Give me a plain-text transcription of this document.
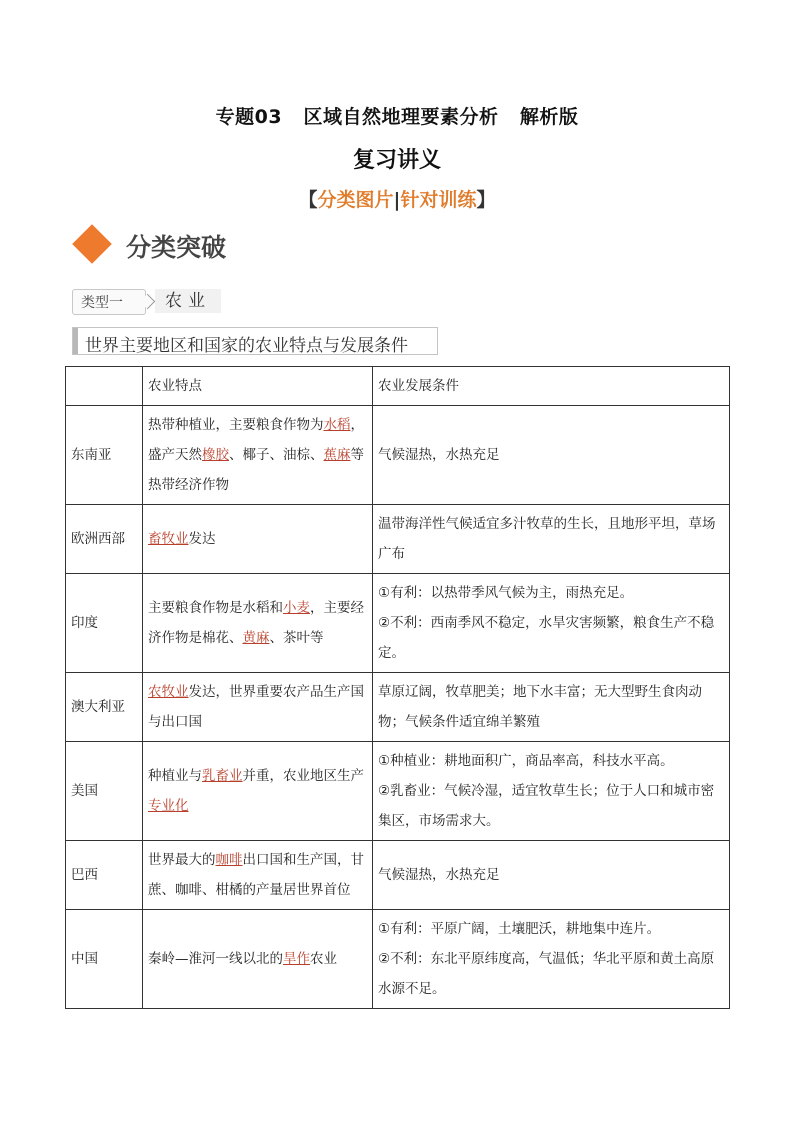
专题03 区域自然地理要素分析 解析版
复习讲义
【分类图片|针对训练】
分类突破
类型一	农业
世界主要地区和国家的农业特点与发展条件
	农业特点	农业发展条件
东南亚	热带种植业，主要粮食作物为水稻，盛产天然橡胶、椰子、油棕、蕉麻等热带经济作物	气候湿热，水热充足

欧洲西部	畜牧业发达	温带海洋性气候适宜多汁牧草的生长，且地形平坦，草场广布

印度	主要粮食作物是水稻和小麦，主要经济作物是棉花、黄麻、茶叶等	①有利：以热带季风气候为主，雨热充足。
②不利：西南季风不稳定，水旱灾害频繁，粮食生产不稳定。

澳大利亚	农牧业发达，世界重要农产品生产国与出口国	草原辽阔，牧草肥美；地下水丰富；无大型野生食肉动物；气候条件适宜绵羊繁殖

美国	种植业与乳畜业并重，农业地区生产专业化	①种植业：耕地面积广，商品率高，科技水平高。
②乳畜业：气候冷湿，适宜牧草生长；位于人口和城市密集区，市场需求大。

巴西	世界最大的咖啡出口国和生产国，甘蔗、咖啡、柑橘的产量居世界首位	气候湿热，水热充足

中国	秦岭—淮河一线以北的旱作农业	①有利：平原广阔，土壤肥沃，耕地集中连片。
②不利：东北平原纬度高，气温低；华北平原和黄土高原水源不足。
